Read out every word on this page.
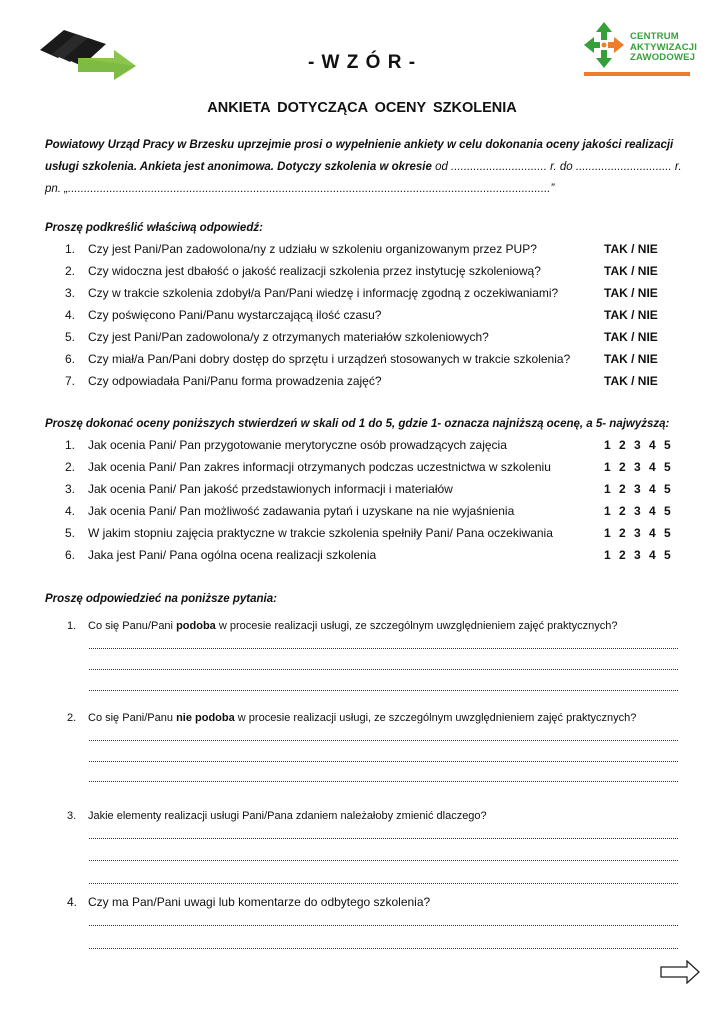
CENTRUM
AKTYWIZACJI
ZAWODOWEJ
- W Z Ó R -
ANKIETA DOTYCZĄCA OCENY SZKOLENIA
Powiatowy Urząd Pracy w Brzesku uprzejmie prosi o wypełnienie ankiety w celu dokonania oceny jakości realizacji usługi szkolenia. Ankieta jest anonimowa. Dotyczy szkolenia w okresie od .............................. r. do .............................. r.
pn. „.......................................................................................................................................................”
Proszę podkreślić właściwą odpowiedź:
1. Czy jest Pani/Pan zadowolona/ny z udziału w szkoleniu organizowanym przez PUP?	TAK / NIE
2. Czy widoczna jest dbałość o jakość realizacji szkolenia przez instytucję szkoleniową?	TAK / NIE
3. Czy w trakcie szkolenia zdobył/a Pan/Pani wiedzę i informację zgodną z oczekiwaniami?	TAK / NIE
4. Czy poświęcono Pani/Panu wystarczającą ilość czasu?	TAK / NIE
5. Czy jest Pani/Pan zadowolona/y z otrzymanych materiałów szkoleniowych?	TAK / NIE
6. Czy miał/a Pan/Pani dobry dostęp do sprzętu i urządzeń stosowanych w trakcie szkolenia?	TAK / NIE
7. Czy odpowiadała Pani/Panu forma prowadzenia zajęć?	TAK / NIE
Proszę dokonać oceny poniższych stwierdzeń w skali od 1 do 5, gdzie 1- oznacza najniższą ocenę, a 5- najwyższą:
1. Jak ocenia Pani/ Pan przygotowanie merytoryczne osób prowadzących zajęcia	1 2 3 4 5
2. Jak ocenia Pani/ Pan zakres informacji otrzymanych podczas uczestnictwa w szkoleniu	1 2 3 4 5
3. Jak ocenia Pani/ Pan jakość przedstawionych informacji i materiałów	1 2 3 4 5
4. Jak ocenia Pani/ Pan możliwość zadawania pytań i uzyskane na nie wyjaśnienia	1 2 3 4 5
5. W jakim stopniu zajęcia praktyczne w trakcie szkolenia spełniły Pani/ Pana oczekiwania	1 2 3 4 5
6. Jaka jest Pani/ Pana ogólna ocena realizacji szkolenia	1 2 3 4 5
Proszę odpowiedzieć na poniższe pytania:
1. Co się Panu/Pani podoba w procesie realizacji usługi, ze szczególnym uwzględnieniem zajęć praktycznych?
2. Co się Pani/Panu nie podoba w procesie realizacji usługi, ze szczególnym uwzględnieniem zajęć praktycznych?
3. Jakie elementy realizacji usługi Pani/Pana zdaniem należałoby zmienić dlaczego?
4. Czy ma Pan/Pani uwagi lub komentarze do odbytego szkolenia?
